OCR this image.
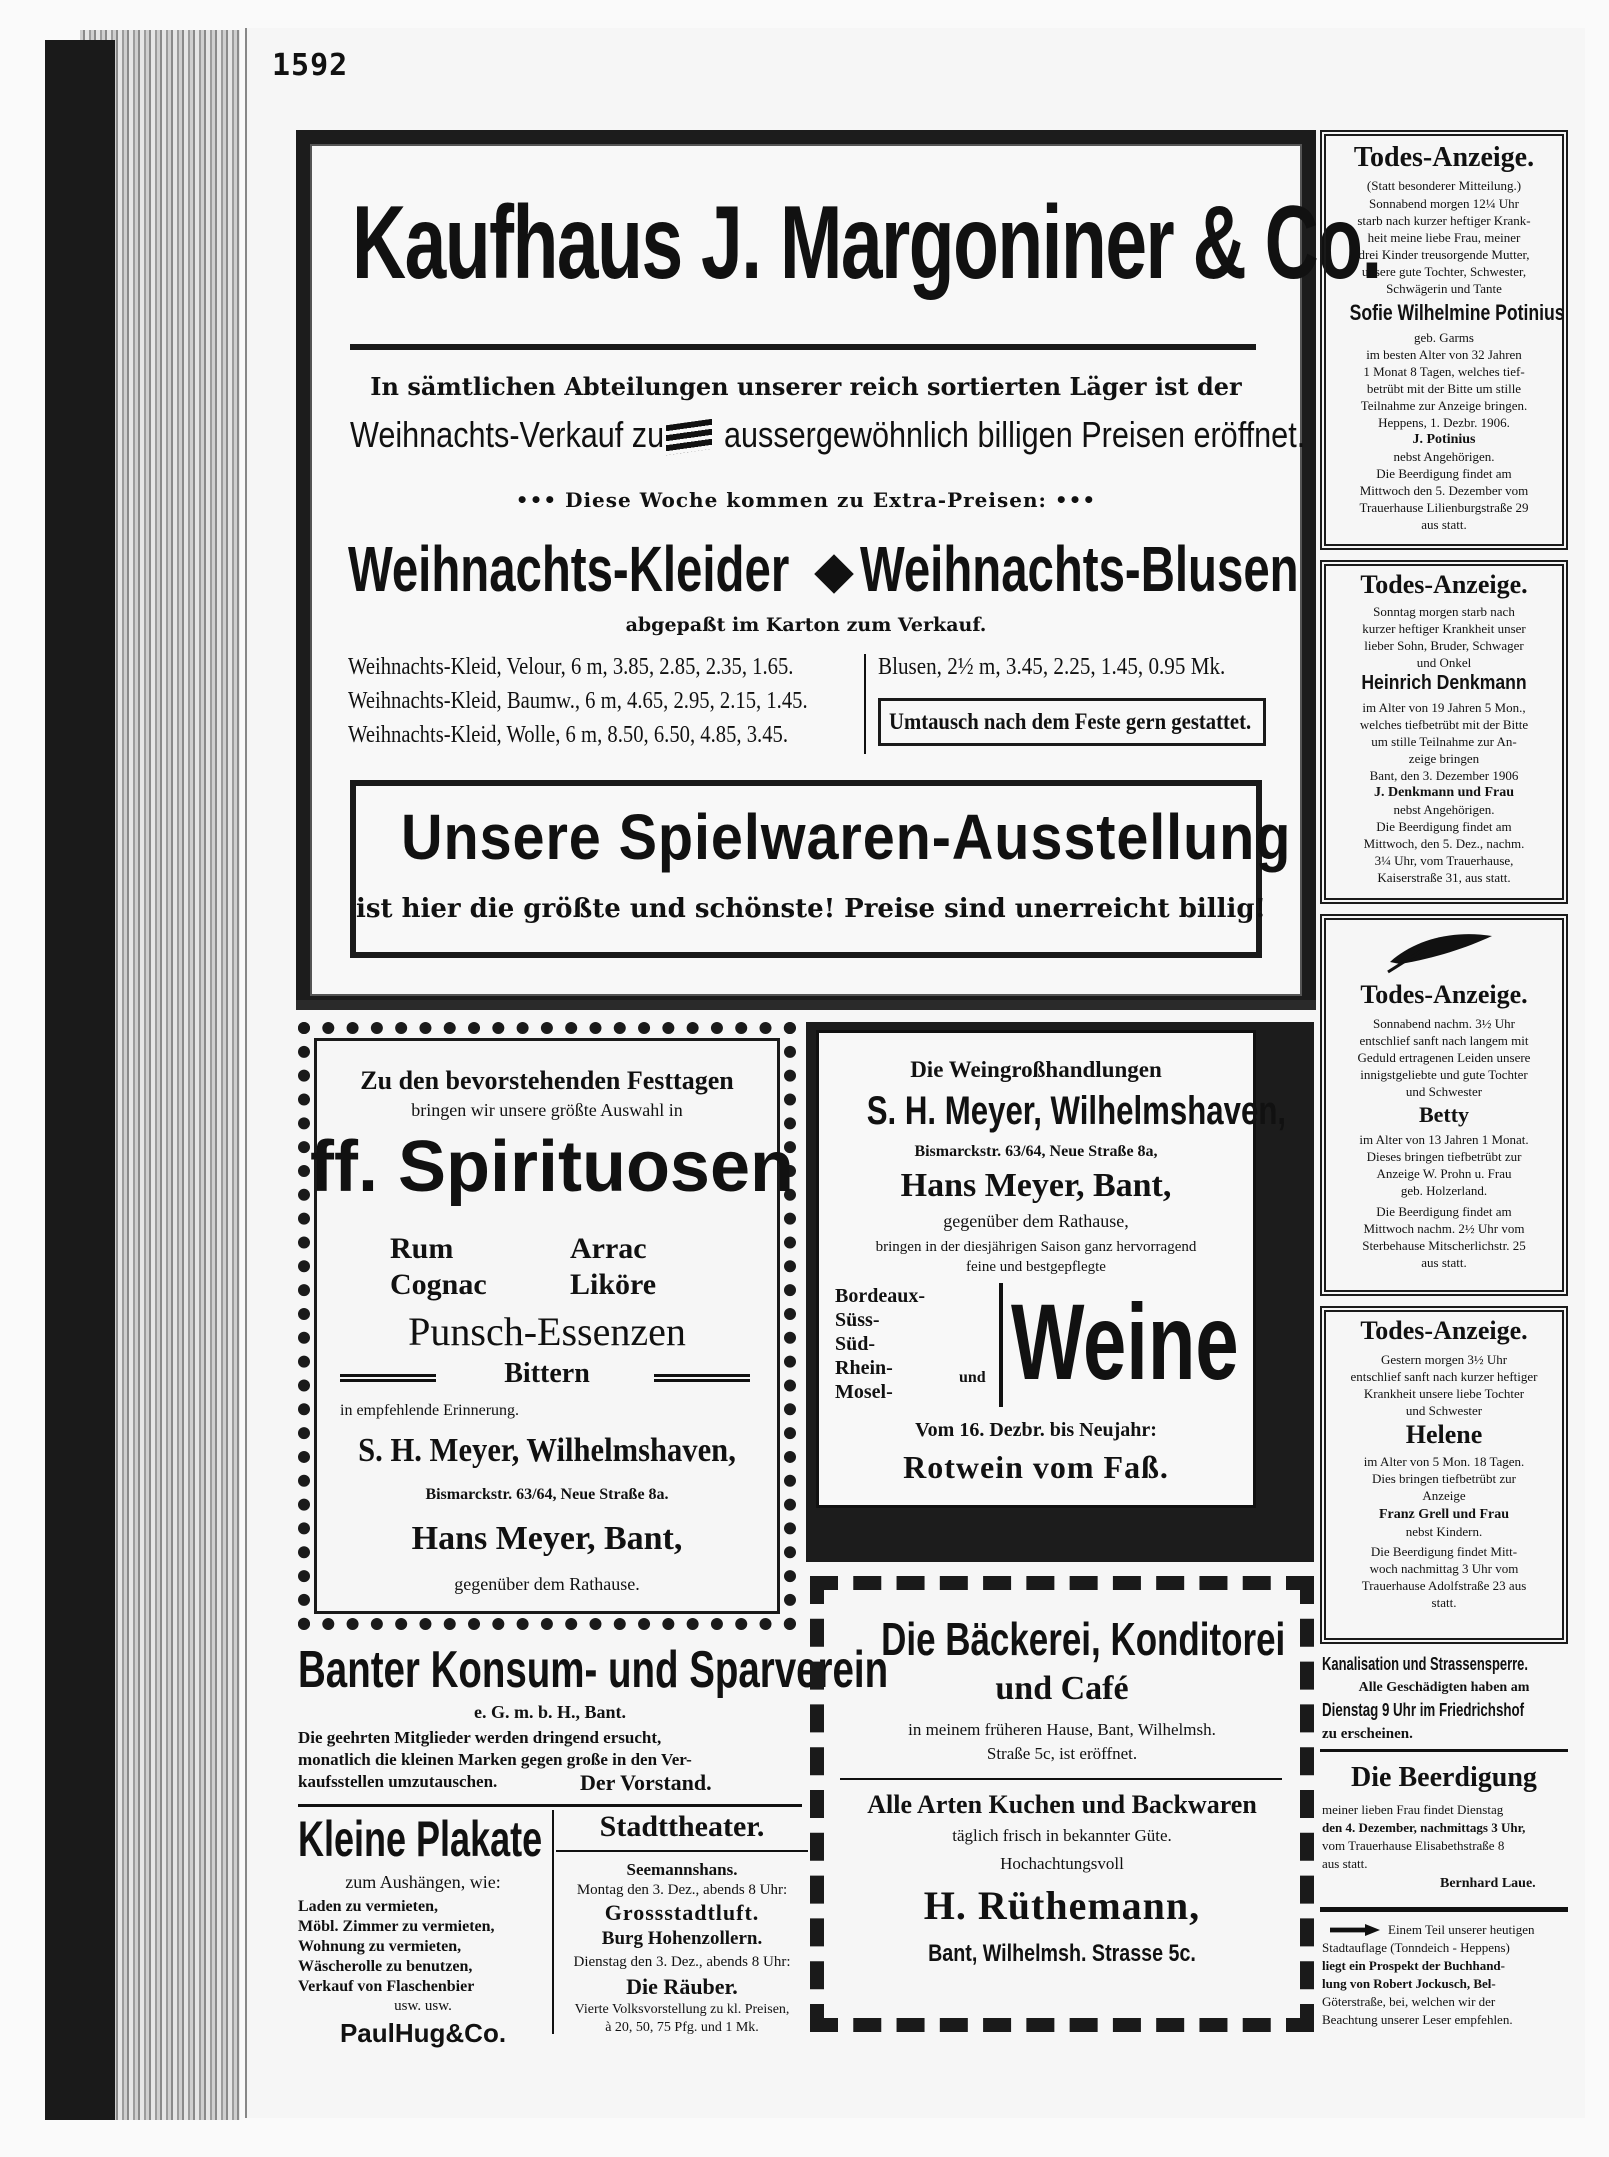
1592
Kaufhaus J. Margoniner & Co.
In sämtlichen Abteilungen unserer reich sortierten Läger ist der
Weihnachts-Verkauf zu aussergewöhnlich billigen Preisen eröffnet.
••• Diese Woche kommen zu Extra-Preisen: •••
Weihnachts-Kleider Weihnachts-Blusen
abgepaßt im Karton zum Verkauf.
Weihnachts-Kleid, Velour, 6 m, 3.85, 2.85, 2.35, 1.65.
Weihnachts-Kleid, Baumw., 6 m, 4.65, 2.95, 2.15, 1.45.
Weihnachts-Kleid, Wolle, 6 m, 8.50, 6.50, 4.85, 3.45.
Blusen, 2½ m, 3.45, 2.25, 1.45, 0.95 Mk.
Umtausch nach dem Feste gern gestattet.
Unsere Spielwaren-Ausstellung
ist hier die größte und schönste! Preise sind unerreicht billig!
Zu den bevorstehenden Festtagen
bringen wir unsere größte Auswahl in
ff. Spirituosen
Rum	Arrac
Cognac	Liköre
Punsch-Essenzen
Bittern
in empfehlende Erinnerung.
S. H. Meyer, Wilhelmshaven,
Bismarckstr. 63/64, Neue Straße 8a.
Hans Meyer, Bant,
gegenüber dem Rathause.
Die Weingroßhandlungen
S. H. Meyer, Wilhelmshaven,
Bismarckstr. 63/64, Neue Straße 8a,
Hans Meyer, Bant,
gegenüber dem Rathause,
bringen in der diesjährigen Saison ganz hervorragend
feine und bestgepflegte
Bordeaux-
Süss-
Süd-
Rhein-
Mosel-
und Weine
Vom 16. Dezbr. bis Neujahr:
Rotwein vom Faß.
Banter Konsum- und Sparverein
e. G. m. b. H., Bant.
Die geehrten Mitglieder werden dringend ersucht,
monatlich die kleinen Marken gegen große in den Ver-
kaufsstellen umzutauschen.	Der Vorstand.
Kleine Plakate
zum Aushängen, wie:
Laden zu vermieten,
Möbl. Zimmer zu vermieten,
Wohnung zu vermieten,
Wäscherolle zu benutzen,
Verkauf von Flaschenbier
usw. usw.
PaulHug&Co.
Stadttheater.
Seemannshans.
Montag den 3. Dez., abends 8 Uhr:
Grossstadtluft.
Burg Hohenzollern.
Dienstag den 3. Dez., abends 8 Uhr:
Die Räuber.
Vierte Volksvorstellung zu kl. Preisen,
à 20, 50, 75 Pfg. und 1 Mk.
Die Bäckerei, Konditorei
und Café
in meinem früheren Hause, Bant, Wilhelmsh.
Straße 5c, ist eröffnet.
Alle Arten Kuchen und Backwaren
täglich frisch in bekannter Güte.
Hochachtungsvoll
H. Rüthemann,
Bant, Wilhelmsh. Strasse 5c.
Todes-Anzeige.
(Statt besonderer Mitteilung.)
Sonnabend morgen 12¼ Uhr
starb nach kurzer heftiger Krank-
heit meine liebe Frau, meiner
drei Kinder treusorgende Mutter,
unsere gute Tochter, Schwester,
Schwägerin und Tante
Sofie Wilhelmine Potinius
geb. Garms
im besten Alter von 32 Jahren
1 Monat 8 Tagen, welches tief-
betrübt mit der Bitte um stille
Teilnahme zur Anzeige bringen.
Heppens, 1. Dezbr. 1906.
J. Potinius
nebst Angehörigen.
Die Beerdigung findet am
Mittwoch den 5. Dezember vom
Trauerhause Lilienburgstraße 29
aus statt.
Todes-Anzeige.
Sonntag morgen starb nach
kurzer heftiger Krankheit unser
lieber Sohn, Bruder, Schwager
und Onkel
Heinrich Denkmann
im Alter von 19 Jahren 5 Mon.,
welches tiefbetrübt mit der Bitte
um stille Teilnahme zur An-
zeige bringen
Bant, den 3. Dezember 1906
J. Denkmann und Frau
nebst Angehörigen.
Die Beerdigung findet am
Mittwoch, den 5. Dez., nachm.
3¼ Uhr, vom Trauerhause,
Kaiserstraße 31, aus statt.
Todes-Anzeige.
Sonnabend nachm. 3½ Uhr
entschlief sanft nach langem mit
Geduld ertragenen Leiden unsere
innigstgeliebte und gute Tochter
und Schwester
Betty
im Alter von 13 Jahren 1 Monat.
Dieses bringen tiefbetrübt zur
Anzeige W. Prohn u. Frau
geb. Holzerland.
Die Beerdigung findet am
Mittwoch nachm. 2½ Uhr vom
Sterbehause Mitscherlichstr. 25
aus statt.
Todes-Anzeige.
Gestern morgen 3½ Uhr
entschlief sanft nach kurzer heftiger
Krankheit unsere liebe Tochter
und Schwester
Helene
im Alter von 5 Mon. 18 Tagen.
Dies bringen tiefbetrübt zur
Anzeige
Franz Grell und Frau
nebst Kindern.
Die Beerdigung findet Mitt-
woch nachmittag 3 Uhr vom
Trauerhause Adolfstraße 23 aus
statt.
Kanalisation und Strassensperre.
Alle Geschädigten haben am
Dienstag 9 Uhr im Friedrichshof
zu erscheinen.
Die Beerdigung
meiner lieben Frau findet Dienstag
den 4. Dezember, nachmittags 3 Uhr,
vom Trauerhause Elisabethstraße 8
aus statt.
Bernhard Laue.
Einem Teil unserer heutigen
Stadtauflage (Tonndeich - Heppens)
liegt ein Prospekt der Buchhand-
lung von Robert Jockusch, Bel-
Göterstraße, bei, welchen wir der
Beachtung unserer Leser empfehlen.
